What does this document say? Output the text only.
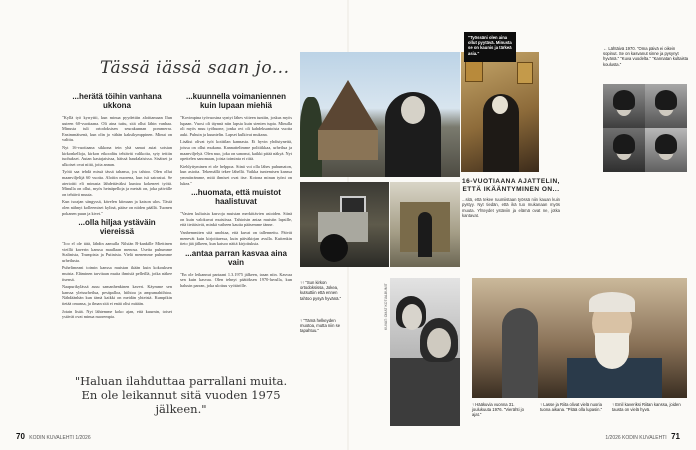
Tässä iässä saan jo...
...herätä töihin vanhana ukkona

"Kyllä työ kyrryttii, kun minua pyydettiin aloittamaan Ilun uuteen 60-vuotiaana. Oli aina tuttu, sitä ollut lähin vanhaa. Minusta tuli ortodoksisen seurakunnan pommerra. Ensimmäisenä, kun olin jo vähän kaksikymppinen. Minut on valittu.

Nyt 16-vuotiaana sikkona tein yhä samat asiat sotsian kirkonkelloja, kirkon etkooditu tehtävät valikoita, syty tettiin tuohukset. Autan kastajaisissa, häissä haudalaisissa. Sisäiset ja ulkoiset ovat niitä, joita annan.

Työtä saa tehdä missä tässä tahansa, jos tahtoo. Olen ollut maanviljelijä 60 vuotta. Aloitin nuorena, kun isä sairastui. Se aterioitti eli minusta lähdettäväksi kuntoa kokeneet työtä. Minulla on ollut, myös heinäpelloja ja metsät on, joka päivälle on tehtävä muuta.

Kun isoajan sängyssä, kävelen kiimaan ja katson ulos. Tästä olen nähnyt kolleemiset kylinä, pääse on niiden päällä. Tuonen pokanen puun ja kivet."

...olla hiljaa ystäväin viereissä

"Joo el ole tätä, lähdin aamulla Nilsiän B-kankille Miettinen vieillä kaverin kanssa maallaan menosa. Useita puhumme Stalinista, Trumpista ja Putinista. Vielä menemme puhumme urheilusta.

Puhelimeani toimin kanssa muistan ikään kuin kokouksen muista. Eläminen tarvitaan muita ihmisiä pelleillä, jotka näkee itsensä.

Naapurikylässä asuu samanhenkinen kaveri. Käymme sen kanssa yleisurheilua, pesäpalloa, hiihtoa ja ampumahiihtoa. Nähdäänhän kun tämä kaikki on meidän yhteistä. Kumpikin tietää omansa, ja ilman sitä ei enää olisi mitään.

Jotain lisää. Nyt lähtemme koko ajan, että kuurnin, toiset ystävät ovat minua nuorempia.

...kuunnella voimaniennen kuin lupaan miehiä

"Kovimpina työvuosina syntyi lähes viiteen tuntiin, joskus myös lupaan. Vuosi oli täynnä niin lapsia kuin sienien tupia. Minulla oli myös muu työhuone, jonka ovi oli kahdeksantoista vuotta auki. Puhuin ja kuuntelin. Lapset kulkivat mukana.

Lisäksi olivat työt kotitilan kannasta. Ei hyvin yhdistyneitä, joissa on ollut mukana. Kannattelimme politiikkaa, urheilua ja maanviljelyä. Olen nuo, joka on sanonut, kaikki pitää näkyä. Nyt opettelen sanomaan, joista toiminta ei riitä.

Kiehlyttyminen ei ole helppoa. Siinä voi olla lähes puhumaton, kun asioita. Tekemällä tekee lähellä. Vaikka tuntemisen kanssa ymmärrämme, mitä ihmiset ovat itse. Kotona minun työni on lukea."

...huomata, että muistot haalistuvat

"Vasten kultaisia kasvoja muistan merkittävien asioiden. Siinä on kuin valokuvat muistissa. Tahtoisin antaa muistin lapsille, että tietäisivät, minkä vaiheen kautta pääsemme tänne.

Vanhemmiten sitä unohtaa, että kuvat on tallennettu. Päivät menevät kuin kirjoittaessa, kuin päiväkirjan avulla. Kuitenkin tieto jää jälkeen, kun katsoo näitä kirjoituksia.

...antaa parran kasvaa aina vain

"En ole leikannut partaani 1.3.1975 jälkeen, tasan niin. Kasvaa sen kuin kasvaa. Olen tehnyt päätöksen 1970-luvulla, kun halusin parran, joka ulottuu vyötärölle.

"Haluan ilahduttaa parrallani muita. En ole leikannut sitä vuoden 1975 jälkeen."
"Työssäni olen aina ollut pyytävä. Minusta se on kaunis ja tärkeä asia."
← Lähtäivä 1970. "Oma päivä ei oikein sopinut. Se on kasvanut sinne ja pysynyt hyvänä." "Kuva vuodelta." "Kannatan kultaista koulusta."
16-VUOTIAANA AJATTELIN, ETTÄ IKÄÄNTYMINEN ON...
...sitä, että tekee ruumiistaan työssä niin kauan kuin pystyy. Nyt tiedän, että ikä tuo mukanaan myös muuta. Yhteydet ystäviin ja elämä ovat ne, jotka kantavat.
↑↑ "Sun kirkon ortodoksissa, Jokea, kutsuttiin että ennen tahtoo pysyä hyvänä."
↑ "Tämä helkeyden muotoa, mutta niin se tapahtuu."
KUVAT: OMAT KOTIALBUMIT
↑ Hääkuvia vuonna 31. joulukuuta 1976. "Vierähti jo ajat."
↑ Lasse ja Riita olivat vielä nuoria tuona aikana. "Pitää olla lupasin."
↑ Emil kaveriksi Riitan kanssa, joiden tausta on vielä hyvä.
70 KODIN KUVALEHTI 1/2026	1/2026 KODIN KUVALEHTI 71
